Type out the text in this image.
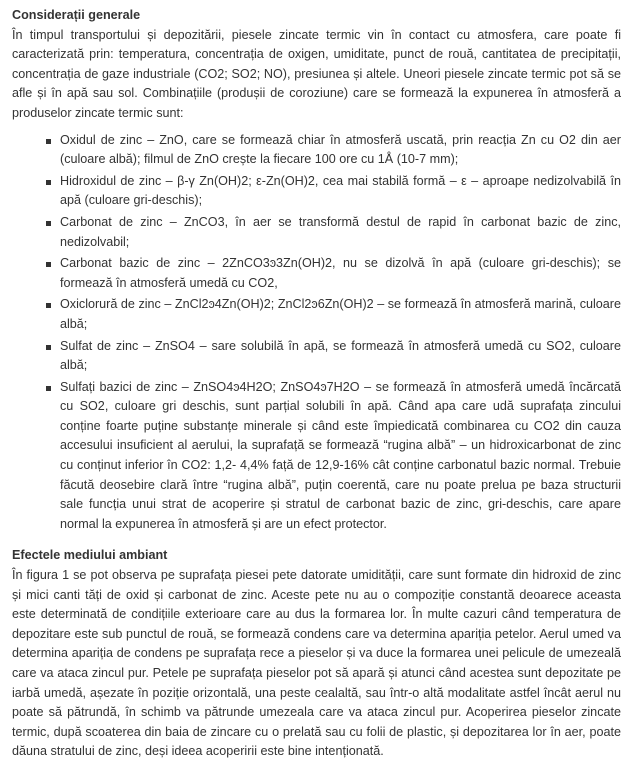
Considerații generale

În timpul transportului și depozitării, piesele zincate termic vin în contact cu atmosfera, care poate fi caracterizată prin: temperatura, concentrația de oxigen, umiditate, punct de rouă, cantitatea de precipitații, concentrația de gaze industriale (CO2; SO2; NO), presiunea și altele. Uneori piesele zincate termic pot să se afle și în apă sau sol. Combinațiile (produșii de coroziune) care se formează la expunerea în atmosferă a produselor zincate termic sunt:

Oxidul de zinc – ZnO, care se formează chiar în atmosferă uscată, prin reacția Zn cu O2 din aer (culoare albă); filmul de ZnO crește la fiecare 100 ore cu 1Å (10-7 mm);
Hidroxidul de zinc – β-γ Zn(OH)2; ε-Zn(OH)2, cea mai stabilă formă – ε – aproape nedizolvabilă în apă (culoare gri-deschis);
Carbonat de zinc – ZnCO3, în aer se transformă destul de rapid în carbonat bazic de zinc, nedizolvabil;
Carbonat bazic de zinc – 2ZnCO3ͽ3Zn(OH)2, nu se dizolvă în apă (culoare gri-deschis); se formează în atmosferă umedă cu CO2,
Oxiclorură de zinc – ZnCl2ͽ4Zn(OH)2; ZnCl2ͽ6Zn(OH)2 – se formează în atmosferă marină, culoare albă;
Sulfat de zinc – ZnSO4 – sare solubilă în apă, se formează în atmosferă umedă cu SO2, culoare albă;
Sulfați bazici de zinc – ZnSO4ͽ4H2O; ZnSO4ͽ7H2O – se formează în atmosferă umedă încărcată cu SO2, culoare gri deschis, sunt parțial solubili în apă. Când apa care udă suprafața zincului conține foarte puține substanțe minerale și când este împiedicată combinarea cu CO2 din cauza accesului insuficient al aerului, la suprafață se formează “rugina albă” – un hidroxicarbonat de zinc cu conținut inferior în CO2: 1,2- 4,4% față de 12,9-16% cât conține carbonatul bazic normal. Trebuie făcută deosebire clară între “rugina albă”, puțin coerentă, care nu poate prelua pe baza structurii sale funcția unui strat de acoperire și stratul de carbonat bazic de zinc, gri-deschis, care apare normal la expunerea în atmosferă și are un efect protector.
Efectele mediului ambiant

În figura 1 se pot observa pe suprafața piesei pete datorate umidității, care sunt formate din hidroxid de zinc și mici canti tăți de oxid și carbonat de zinc. Aceste pete nu au o compoziție constantă deoarece aceasta este determinată de condițiile exterioare care au dus la formarea lor. În multe cazuri când temperatura de depozitare este sub punctul de rouă, se formează condens care va determina apariția petelor. Aerul umed va determina apariția de condens pe suprafața rece a pieselor și va duce la formarea unei pelicule de umezeală care va ataca zincul pur. Petele pe suprafața pieselor pot să apară și atunci când acestea sunt depozitate pe iarbă umedă, așezate în poziție orizontală, una peste cealaltă, sau într-o altă modalitate astfel încât aerul nu poate să pătrundă, în schimb va pătrunde umezeala care va ataca zincul pur. Acoperirea pieselor zincate termic, după scoaterea din baia de zincare cu o prelată sau cu folii de plastic, și depozitarea lor în aer, poate dăuna stratului de zinc, deși ideea acoperirii este bine intenționată.
